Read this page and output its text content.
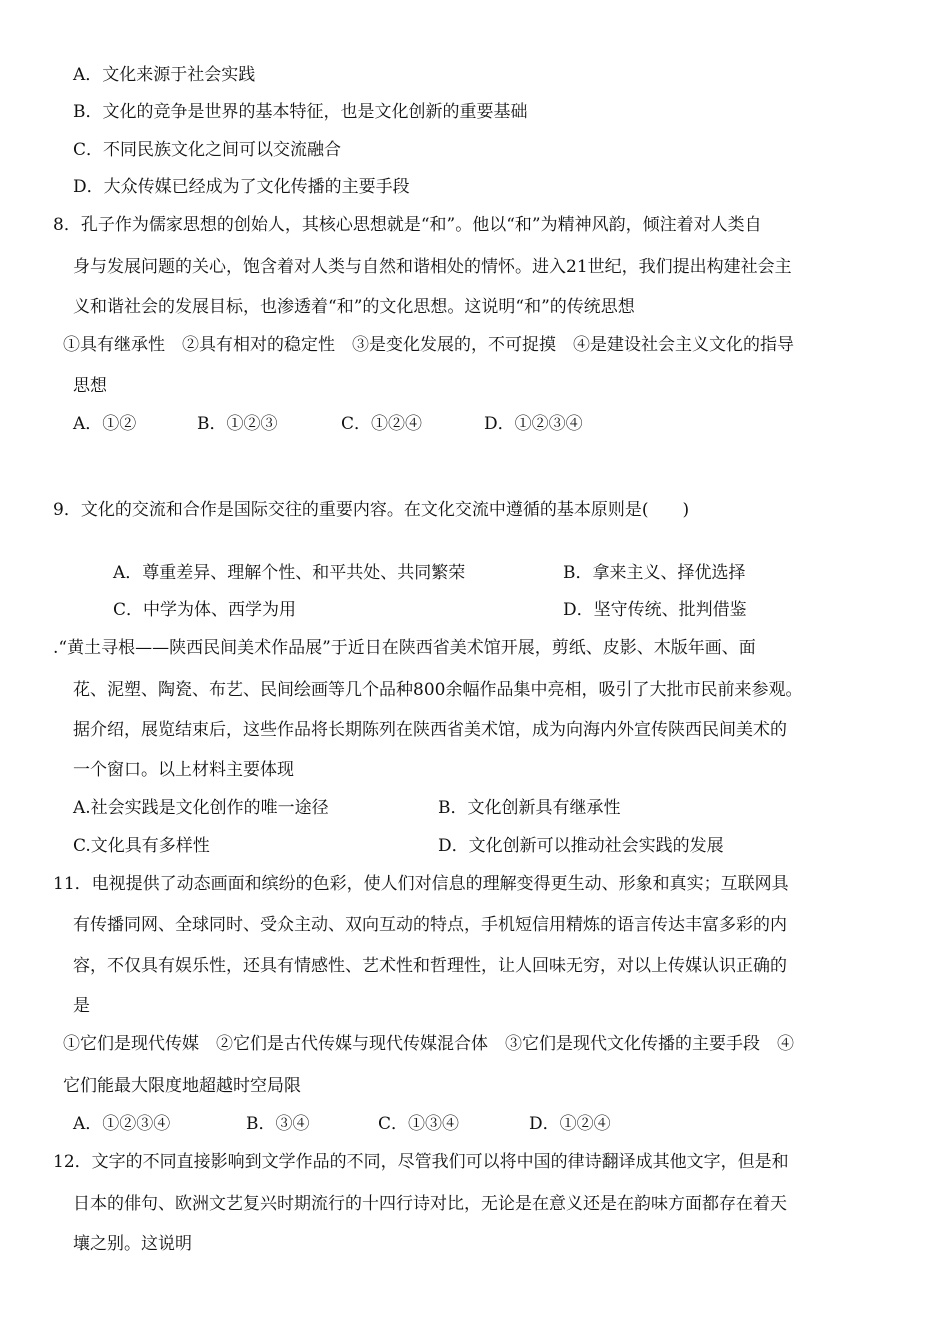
A．文化来源于社会实践
B．文化的竞争是世界的基本特征，也是文化创新的重要基础
C．不同民族文化之间可以交流融合
D．大众传媒已经成为了文化传播的主要手段
8．孔子作为儒家思想的创始人，其核心思想就是“和”。他以“和”为精神风韵，倾注着对人类自
身与发展问题的关心，饱含着对人类与自然和谐相处的情怀。进入21世纪，我们提出构建社会主
义和谐社会的发展目标，也渗透着“和”的文化思想。这说明“和”的传统思想
①具有继承性　②具有相对的稳定性　③是变化发展的，不可捉摸　④是建设社会主义文化的指导
思想
A．①②	B．①②③	C．①②④	D．①②③④
9．文化的交流和合作是国际交往的重要内容。在文化交流中遵循的基本原则是(　　)
A．尊重差异、理解个性、和平共处、共同繁荣	B．拿来主义、择优选择
C．中学为体、西学为用	D．坚守传统、批判借鉴
.“黄土寻根——陕西民间美术作品展”于近日在陕西省美术馆开展，剪纸、皮影、木版年画、面
花、泥塑、陶瓷、布艺、民间绘画等几个品种800余幅作品集中亮相，吸引了大批市民前来参观。
据介绍，展览结束后，这些作品将长期陈列在陕西省美术馆，成为向海内外宣传陕西民间美术的
一个窗口。以上材料主要体现
A.社会实践是文化创作的唯一途径	B．文化创新具有继承性
C.文化具有多样性	D．文化创新可以推动社会实践的发展
11．电视提供了动态画面和缤纷的色彩，使人们对信息的理解变得更生动、形象和真实；互联网具
有传播同网、全球同时、受众主动、双向互动的特点，手机短信用精炼的语言传达丰富多彩的内
容，不仅具有娱乐性，还具有情感性、艺术性和哲理性，让人回味无穷，对以上传媒认识正确的
是
①它们是现代传媒　②它们是古代传媒与现代传媒混合体　③它们是现代文化传播的主要手段　④
它们能最大限度地超越时空局限
A．①②③④	B．③④	C．①③④	D．①②④
12．文字的不同直接影响到文学作品的不同，尽管我们可以将中国的律诗翻译成其他文字，但是和
日本的俳句、欧洲文艺复兴时期流行的十四行诗对比，无论是在意义还是在韵味方面都存在着天
壤之别。这说明
